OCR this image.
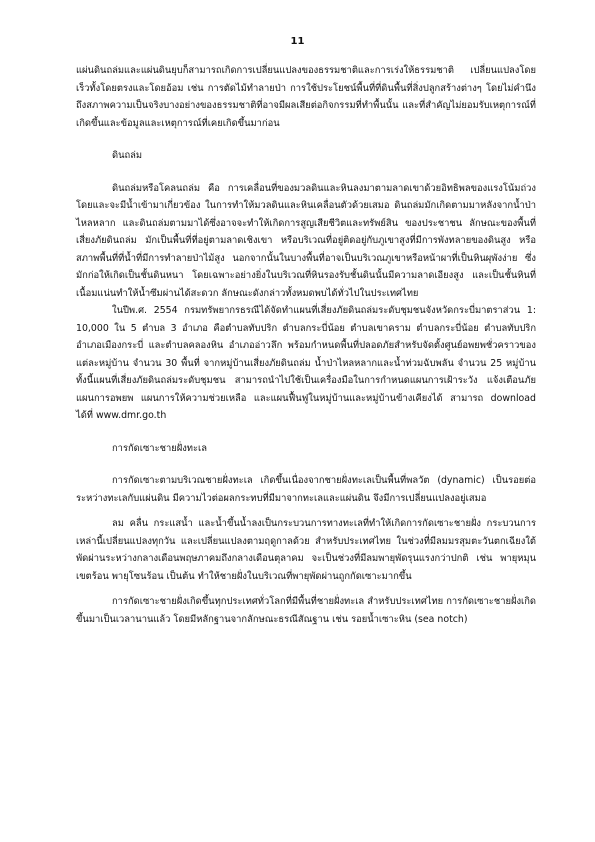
11

แผ่นดินถล่มและแผ่นดินยุบก็สามารถเกิดการเปลี่ยนแปลงของธรรมชาติและการเร่งให้ธรรมชาติ เปลี่ยนแปลงโดยเร็วทั้งโดยตรงและโดยอ้อม เช่น การตัดไม้ทำลายป่า การใช้ประโยชน์พื้นที่ที่ดินพื้นที่สิ่งปลูกสร้างต่างๆ โดยไม่คำนึงถึงสภาพความเป็นจริงบางอย่างของธรรมชาติที่อาจมีผลเสียต่อกิจกรรมที่ทำพื้นนั้น และที่สำคัญไม่ยอมรับเหตุการณ์ที่เกิดขึ้นและข้อมูลและเหตุการณ์ที่เคยเกิดขึ้นมาก่อน

ดินถล่ม

ดินถล่มหรือโคลนถล่ม คือ การเคลื่อนที่ของมวลดินและหินลงมาตามลาดเขาด้วยอิทธิพลของแรงโน้มถ่วงโดยและจะมีน้ำเข้ามาเกี่ยวข้อง ในการทำให้มวลดินและหินเคลื่อนตัวด้วยเสมอ ดินถล่มมักเกิดตามมาหลังจากน้ำป่าไหลหลาก และดินถล่มตามมาได้ซึ่งอาจจะทำให้เกิดการสูญเสียชีวิตและทรัพย์สิน ของประชาชน ลักษณะของพื้นที่เสี่ยงภัยดินถล่ม มักเป็นพื้นที่ที่อยู่ตามลาดเชิงเขา หรือบริเวณที่อยู่ติดอยู่กับภูเขาสูงที่มีการพังทลายของดินสูง หรือสภาพพื้นที่ที่น้ำที่มีการทำลายป่าไม้สูง นอกจากนั้นในบางพื้นที่อาจเป็นบริเวณภูเขาหรือหน้าผาที่เป็นหินผุพังง่าย ซึ่งมักก่อให้เกิดเป็นชั้นดินหนา โดยเฉพาะอย่างยิ่งในบริเวณที่หินรองรับชั้นดินนั้นมีความลาดเอียงสูง และเป็นชั้นหินที่เนื้อมแน่นทำให้น้ำซึมผ่านได้สะดวก ลักษณะดังกล่าวทั้งหมดพบได้ทั่วไปในประเทศไทย

ในปีพ.ศ. 2554 กรมทรัพยากรธรณีได้จัดทำแผนที่เสี่ยงภัยดินถล่มระดับชุมชนจังหวัดกระบี่มาตราส่วน 1: 10,000 ใน 5 ตำบล 3 อำเภอ คือตำบลทับปริก ตำบลกระบี่น้อย ตำบลเขาคราม ตำบลกระบี่น้อย ตำบลทับปริก อำเภอเมืองกระบี่ และตำบลคลองหิน อำเภออ่าวลึก พร้อมกำหนดพื้นที่ปลอดภัยสำหรับจัดตั้งศูนย์อพยพชั่วคราวของแต่ละหมู่บ้าน จำนวน 30 พื้นที่ จากหมู่บ้านเสี่ยงภัยดินถล่ม น้ำป่าไหลหลากและน้ำท่วมฉับพลัน จำนวน 25 หมู่บ้าน ทั้งนี้แผนที่เสี่ยงภัยดินถล่มระดับชุมชน สามารถนำไปใช้เป็นเครื่องมือในการกำหนดแผนการเฝ้าระวัง แจ้งเตือนภัย แผนการอพยพ แผนการให้ความช่วยเหลือ และแผนฟื้นฟูในหมู่บ้านและหมู่บ้านข้างเคียงได้ สามารถ download ได้ที่ www.dmr.go.th

การกัดเซาะชายฝั่งทะเล

การกัดเซาะตามบริเวณชายฝั่งทะเล เกิดขึ้นเนื่องจากชายฝั่งทะเลเป็นพื้นที่พลวัต (dynamic) เป็นรอยต่อระหว่างทะเลกับแผ่นดิน มีความไวต่อผลกระทบที่มีมาจากทะเลและแผ่นดิน จึงมีการเปลี่ยนแปลงอยู่เสมอ

ลม คลื่น กระแสน้ำ และน้ำขึ้นน้ำลงเป็นกระบวนการทางทะเลที่ทำให้เกิดการกัดเซาะชายฝั่ง กระบวนการเหล่านี้เปลี่ยนแปลงทุกวัน และเปลี่ยนแปลงตามฤดูกาลด้วย สำหรับประเทศไทย ในช่วงที่มีลมมรสุมตะวันตกเฉียงใต้พัดผ่านระหว่างกลางเดือนพฤษภาคมถึงกลางเดือนตุลาคม จะเป็นช่วงที่มีลมพายุพัดรุนแรงกว่าปกติ เช่น พายุหมุนเขตร้อน พายุโซนร้อน เป็นต้น ทำให้ชายฝั่งในบริเวณที่พายุพัดผ่านถูกกัดเซาะมากขึ้น

การกัดเซาะชายฝั่งเกิดขึ้นทุกประเทศทั่วโลกที่มีพื้นที่ชายฝั่งทะเล สำหรับประเทศไทย การกัดเซาะชายฝั่งเกิดขึ้นมาเป็นเวลานานแล้ว โดยมีหลักฐานจากลักษณะธรณีสัณฐาน เช่น รอยน้ำเซาะหิน (sea notch)
